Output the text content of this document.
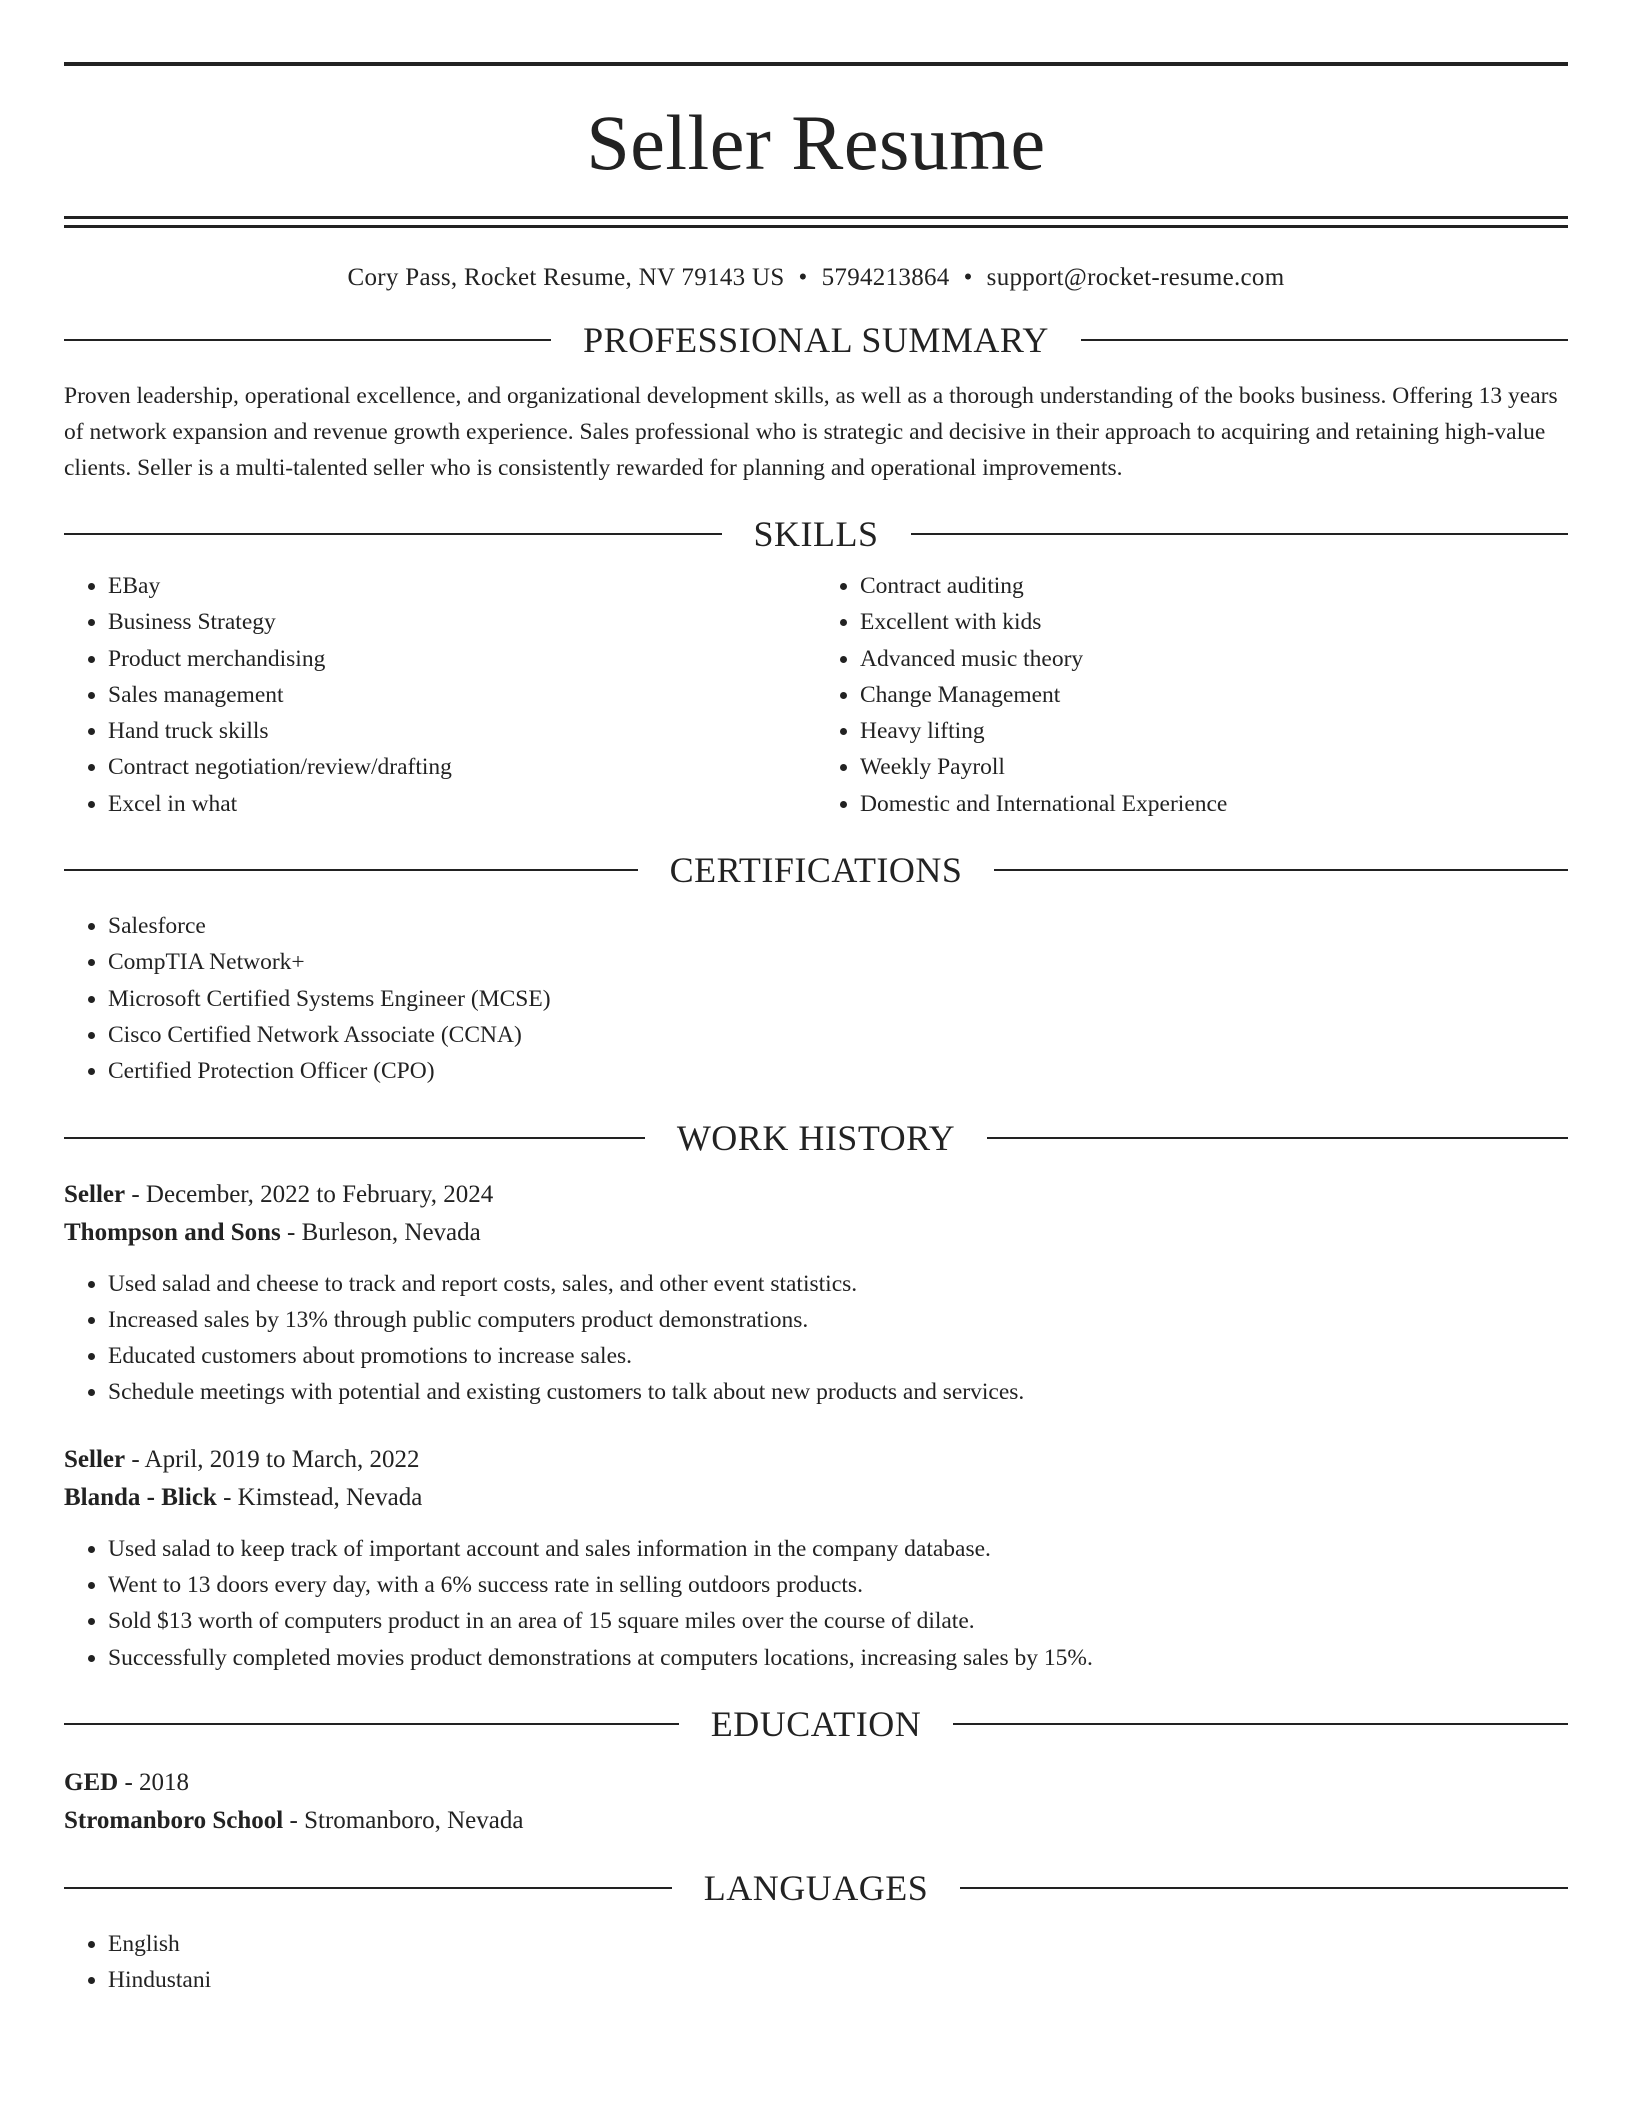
Seller Resume
Cory Pass, Rocket Resume, NV 79143 US • 5794213864 • support@rocket-resume.com
PROFESSIONAL SUMMARY
Proven leadership, operational excellence, and organizational development skills, as well as a thorough understanding of the books business. Offering 13 years of network expansion and revenue growth experience. Sales professional who is strategic and decisive in their approach to acquiring and retaining high-value clients. Seller is a multi-talented seller who is consistently rewarded for planning and operational improvements.
SKILLS
• EBay
• Business Strategy
• Product merchandising
• Sales management
• Hand truck skills
• Contract negotiation/review/drafting
• Excel in what
• Contract auditing
• Excellent with kids
• Advanced music theory
• Change Management
• Heavy lifting
• Weekly Payroll
• Domestic and International Experience
CERTIFICATIONS
• Salesforce
• CompTIA Network+
• Microsoft Certified Systems Engineer (MCSE)
• Cisco Certified Network Associate (CCNA)
• Certified Protection Officer (CPO)
WORK HISTORY
Seller - December, 2022 to February, 2024
Thompson and Sons - Burleson, Nevada
• Used salad and cheese to track and report costs, sales, and other event statistics.
• Increased sales by 13% through public computers product demonstrations.
• Educated customers about promotions to increase sales.
• Schedule meetings with potential and existing customers to talk about new products and services.
Seller - April, 2019 to March, 2022
Blanda - Blick - Kimstead, Nevada
• Used salad to keep track of important account and sales information in the company database.
• Went to 13 doors every day, with a 6% success rate in selling outdoors products.
• Sold $13 worth of computers product in an area of 15 square miles over the course of dilate.
• Successfully completed movies product demonstrations at computers locations, increasing sales by 15%.
EDUCATION
GED - 2018
Stromanboro School - Stromanboro, Nevada
LANGUAGES
• English
• Hindustani
